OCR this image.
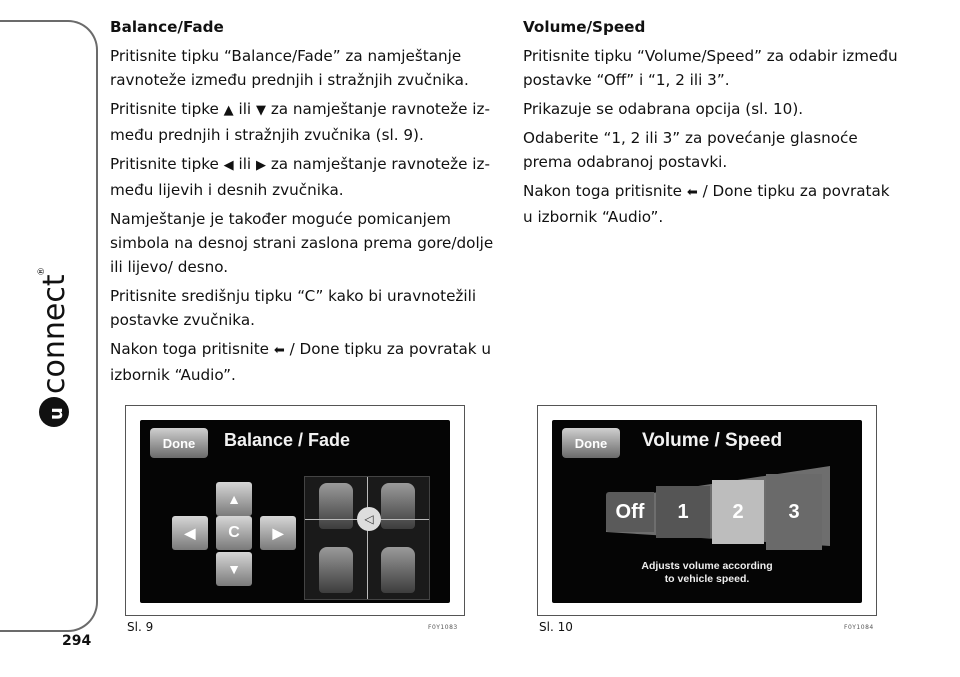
u
connect
®
294
Balance/Fade

Pritisnite tipku “Balance/Fade” za namještanje ravnoteže između prednjih i stražnjih zvučnika.

Pritisnite tipke ▲ ili ▼ za namještanje ravnoteže između prednjih i stražnjih zvučnika (sl. 9).

Pritisnite tipke ◀ ili ▶ za namještanje ravnoteže između lijevih i desnih zvučnika.

Namještanje je također moguće pomicanjem simbola na desnoj strani zaslona prema gore/dolje ili lijevo/ desno.

Pritisnite središnju tipku “C” kako bi uravnotežili postavke zvučnika.

Nakon toga pritisnite ⬅ / Done tipku za povratak u izbornik “Audio”.

Volume/Speed

Pritisnite tipku “Volume/Speed” za odabir između postavke “Off” i “1, 2 ili 3”.

Prikazuje se odabrana opcija (sl. 10).

Odaberite “1, 2 ili 3” za povećanje glasnoće prema odabranoj postavki.

Nakon toga pritisnite ⬅ / Done tipku za povratak u izbornik “Audio”.

Done	Balance / Fade
▲
◀	C	▶
▼
◁
Sl. 9	F0Y1083
Done	Volume / Speed
Off	1	2	3
Adjusts volume according
to vehicle speed.
Sl. 10	F0Y1084
